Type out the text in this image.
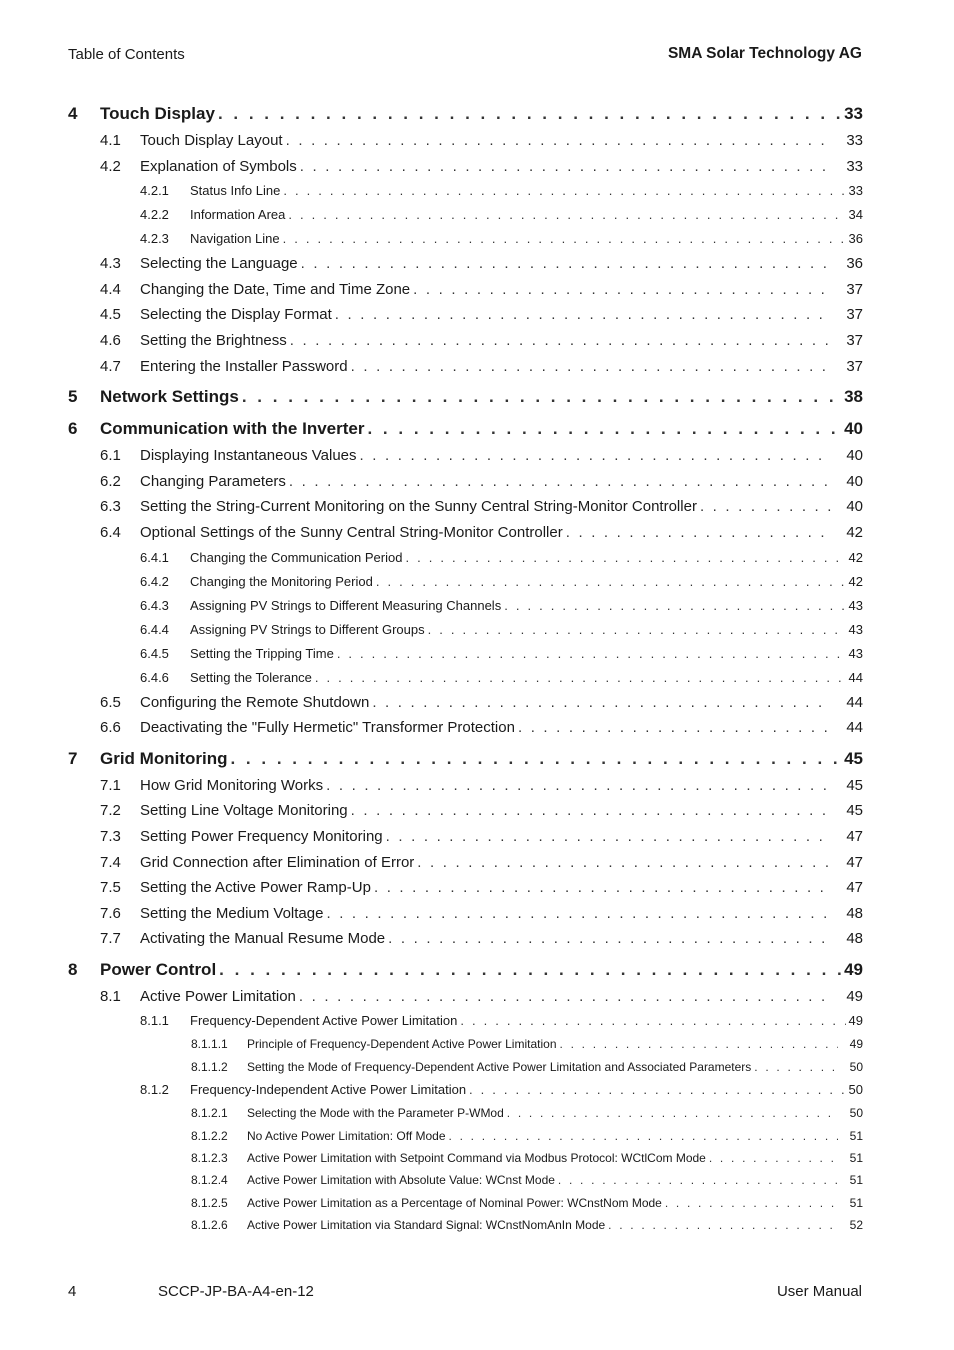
Table of Contents	SMA Solar Technology AG
4	Touch Display . . .	33
4.1	Touch Display Layout . . .	33
4.2	Explanation of Symbols . . .	33
4.2.1	Status Info Line . . .	33
4.2.2	Information Area . . .	34
4.2.3	Navigation Line . . .	36
4.3	Selecting the Language . . .	36
4.4	Changing the Date, Time and Time Zone . . .	37
4.5	Selecting the Display Format . . .	37
4.6	Setting the Brightness . . .	37
4.7	Entering the Installer Password . . .	37
5	Network Settings . . .	38
6	Communication with the Inverter . . .	40
6.1	Displaying Instantaneous Values . . .	40
6.2	Changing Parameters . . .	40
6.3	Setting the String-Current Monitoring on the Sunny Central String-Monitor Controller . . .	40
6.4	Optional Settings of the Sunny Central String-Monitor Controller . . .	42
6.4.1	Changing the Communication Period . . .	42
6.4.2	Changing the Monitoring Period . . .	42
6.4.3	Assigning PV Strings to Different Measuring Channels . . .	43
6.4.4	Assigning PV Strings to Different Groups . . .	43
6.4.5	Setting the Tripping Time . . .	43
6.4.6	Setting the Tolerance . . .	44
6.5	Configuring the Remote Shutdown . . .	44
6.6	Deactivating the "Fully Hermetic" Transformer Protection . . .	44
7	Grid Monitoring . . .	45
7.1	How Grid Monitoring Works . . .	45
7.2	Setting Line Voltage Monitoring . . .	45
7.3	Setting Power Frequency Monitoring . . .	47
7.4	Grid Connection after Elimination of Error . . .	47
7.5	Setting the Active Power Ramp-Up . . .	47
7.6	Setting the Medium Voltage . . .	48
7.7	Activating the Manual Resume Mode . . .	48
8	Power Control . . .	49
8.1	Active Power Limitation . . .	49
8.1.1	Frequency-Dependent Active Power Limitation . . .	49
8.1.1.1	Principle of Frequency-Dependent Active Power Limitation . . .	49
8.1.1.2	Setting the Mode of Frequency-Dependent Active Power Limitation and Associated Parameters . . .	50
8.1.2	Frequency-Independent Active Power Limitation . . .	50
8.1.2.1	Selecting the Mode with the Parameter P-WMod . . .	50
8.1.2.2	No Active Power Limitation: Off Mode . . .	51
8.1.2.3	Active Power Limitation with Setpoint Command via Modbus Protocol: WCtlCom Mode . . .	51
8.1.2.4	Active Power Limitation with Absolute Value: WCnst Mode . . .	51
8.1.2.5	Active Power Limitation as a Percentage of Nominal Power: WCnstNom Mode . . .	51
8.1.2.6	Active Power Limitation via Standard Signal: WCnstNomAnIn Mode . . .	52
4	SCCP-JP-BA-A4-en-12	User Manual
